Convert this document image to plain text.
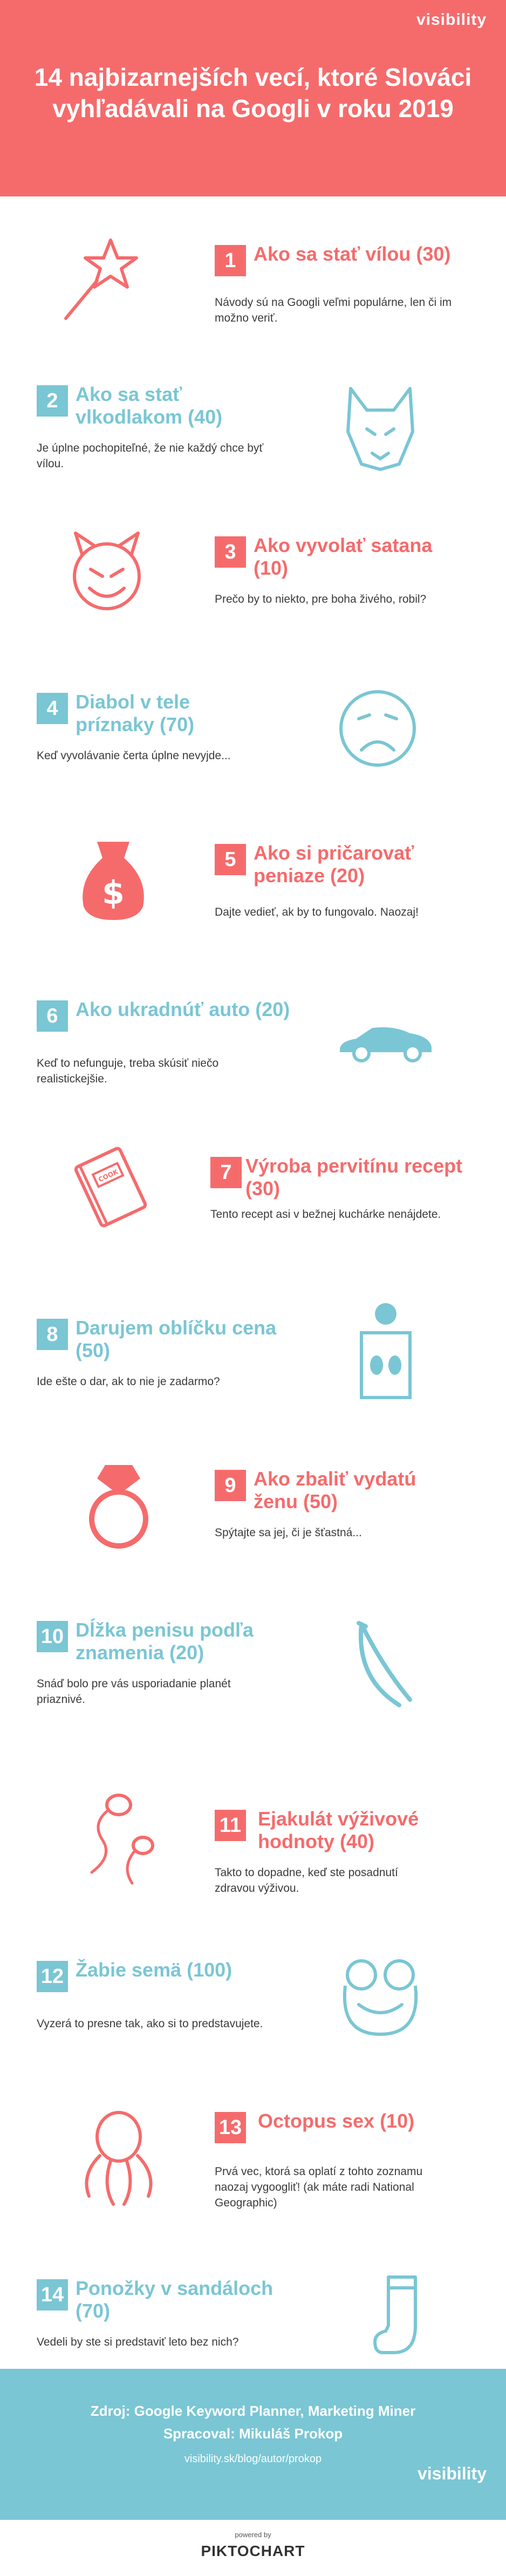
visibility
14 najbizarnejších vecí, ktoré Slováci vyhľadávali na Googli v roku 2019
1 Ako sa stať vílou (30)
Návody sú na Googli veľmi populárne, len či im možno veriť.
2 Ako sa stať vlkodlakom (40)
Je úplne pochopiteľné, že nie každý chce byť vílou.
3 Ako vyvolať satana (10)
Prečo by to niekto, pre boha živého, robil?
4 Diabol v tele príznaky (70)
Keď vyvolávanie čerta úplne nevyjde...
$
5 Ako si pričarovať peniaze (20)
Dajte vedieť, ak by to fungovalo. Naozaj!
6 Ako ukradnúť auto (20)
Keď to nefunguje, treba skúsiť niečo realistickejšie.
COOK	7 Výroba pervitínu recept (30)
Tento recept asi v bežnej kuchárke nenájdete.
8 Darujem oblíčku cena (50)
Ide ešte o dar, ak to nie je zadarmo?
9 Ako zbaliť vydatú ženu (50)
Spýtajte sa jej, či je šťastná...
10 Dĺžka penisu podľa znamenia (20)
Snáď bolo pre vás usporiadanie planét priaznivé.
11 Ejakulát výživové hodnoty (40)
Takto to dopadne, keď ste posadnutí zdravou výživou.
12 Žabie semä (100)
Vyzerá to presne tak, ako si to predstavujete.
13 Octopus sex (10)
Prvá vec, ktorá sa oplatí z tohto zoznamu naozaj vygoogliť! (ak máte radi National Geographic)
14 Ponožky v sandáloch (70)
Vedeli by ste si predstaviť leto bez nich?
Zdroj: Google Keyword Planner, Marketing Miner
Spracoval: Mikuláš Prokop
visibility.sk/blog/autor/prokop
visibility
powered by
PIKTOCHART
